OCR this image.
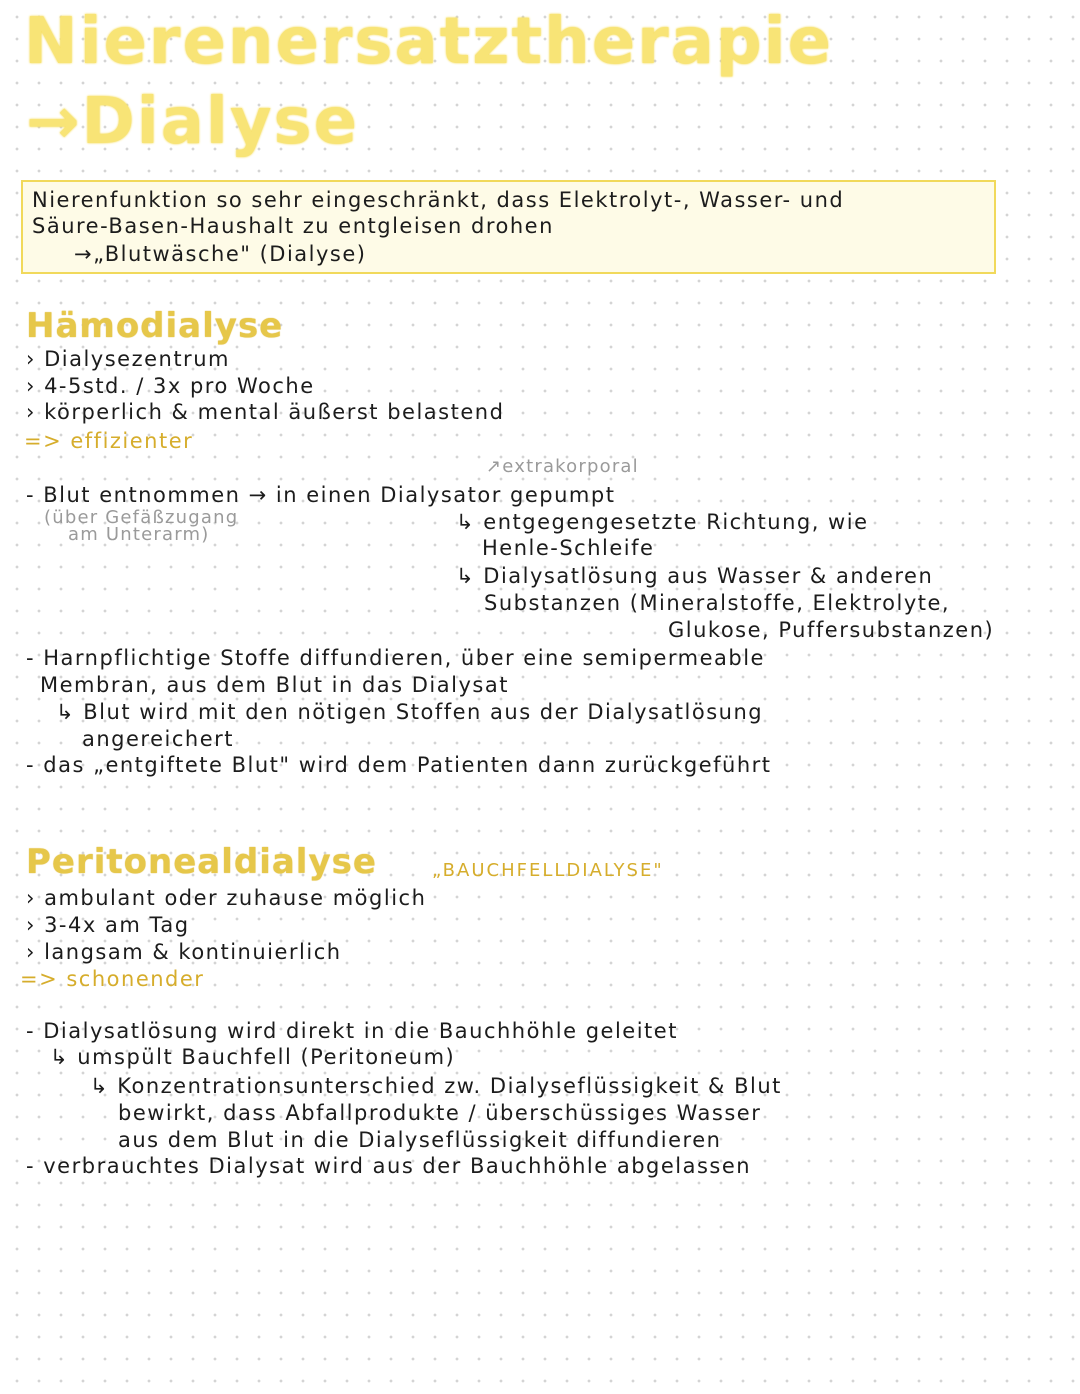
Nierenersatztherapie
→Dialyse
Nierenfunktion so sehr eingeschränkt, dass Elektrolyt-, Wasser- und
Säure-Basen-Haushalt zu entgleisen drohen
→„Blutwäsche" (Dialyse)
Hämodialyse
› Dialysezentrum
› 4-5std. / 3x pro Woche
› körperlich & mental äußerst belastend
=> effizienter
↗extrakorporal
- Blut entnommen → in einen Dialysator gepumpt
(über Gefäßzugang
am Unterarm)
↳ entgegengesetzte Richtung, wie
Henle-Schleife
↳ Dialysatlösung aus Wasser & anderen
Substanzen (Mineralstoffe, Elektrolyte,
Glukose, Puffersubstanzen)
- Harnpflichtige Stoffe diffundieren, über eine semipermeable
Membran, aus dem Blut in das Dialysat
↳ Blut wird mit den nötigen Stoffen aus der Dialysatlösung
angereichert
- das „entgiftete Blut" wird dem Patienten dann zurückgeführt
Peritonealdialyse	„BAUCHFELLDIALYSE"
› ambulant oder zuhause möglich
› 3-4x am Tag
› langsam & kontinuierlich
=> schonender
- Dialysatlösung wird direkt in die Bauchhöhle geleitet
↳ umspült Bauchfell (Peritoneum)
↳ Konzentrationsunterschied zw. Dialyseflüssigkeit & Blut
bewirkt, dass Abfallprodukte / überschüssiges Wasser
aus dem Blut in die Dialyseflüssigkeit diffundieren
- verbrauchtes Dialysat wird aus der Bauchhöhle abgelassen
